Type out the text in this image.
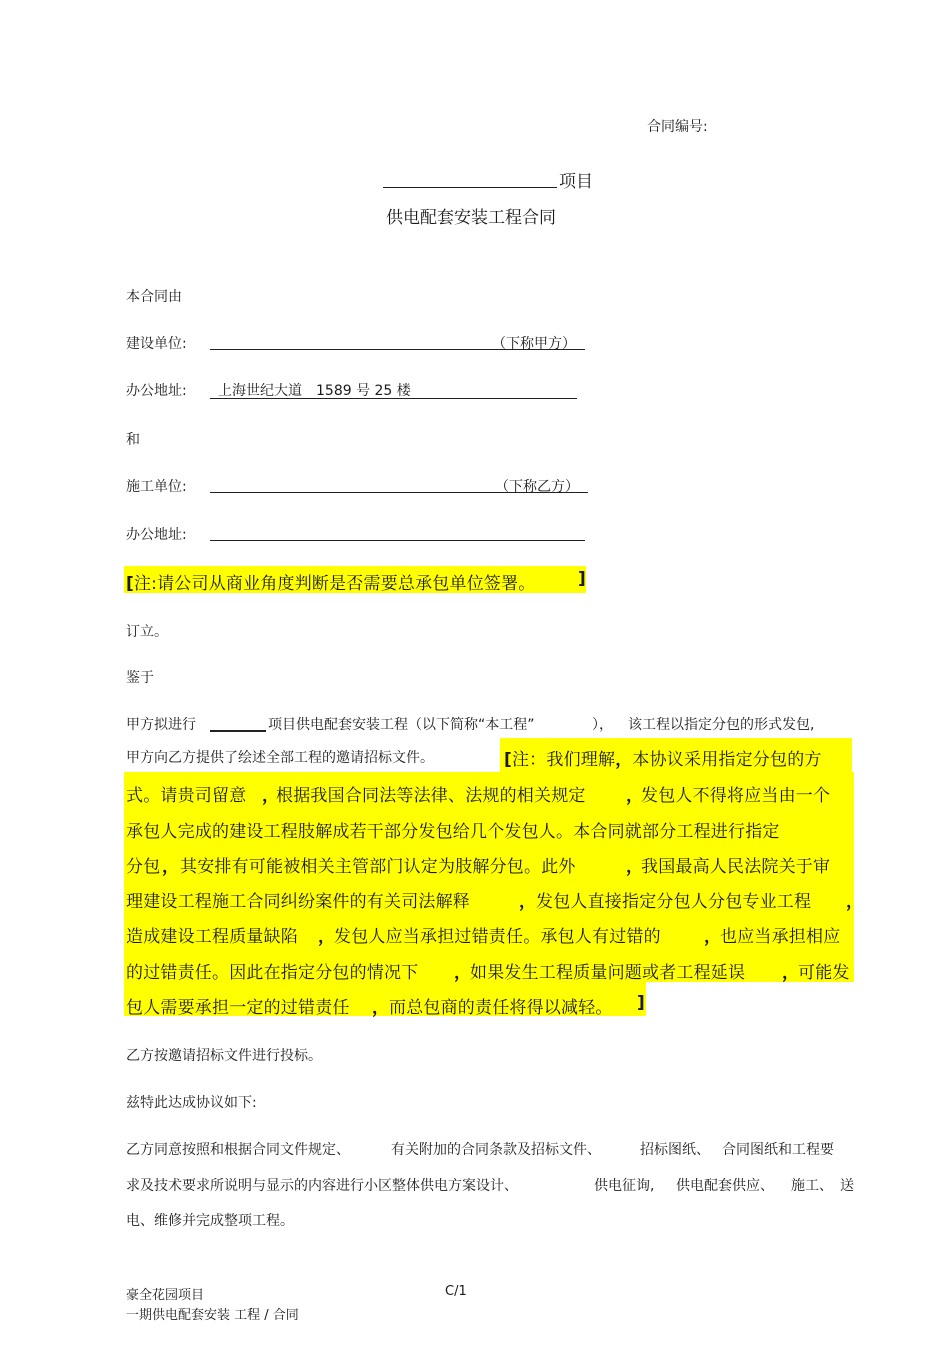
合同编号:
项目
供电配套安装工程合同
本合同由
建设单位:	（下称甲方）
办公地址: 上海世纪大道　1589 号 25 楼
和
施工单位:	（下称乙方）
办公地址:
[注:请公司从商业角度判断是否需要总承包单位签署。 ]
订立。
鉴于
甲方拟进行	项目供电配套安装工程（以下简称“本工程”	）， 该工程以指定分包的形式发包,
甲方向乙方提供了绘述全部工程的邀请招标文件。	[注：我们理解，本协议采用指定分包的方
式。请贵司留意 ，
根据我国合同法等法律、法规的相关规定 ，
发包人不得将应当由一个
承包人完成的建设工程肢解成若干部分发包给几个发包人。本合同就部分工程进行指定
分包 ， 其安排有可能被相关主管部门认定为肢解分包。此外	，
我国最高人民法院关于审
理建设工程施工合同纠纷案件的有关司法解释	， 发包人直接指定分包人分包专业工程 ，
造成建设工程质量缺陷 ，
发包人应当承担过错责任。承包人有过错的	，
也应当承担相应
的过错责任。因此在指定分包的情况下 ，
如果发生工程质量问题或者工程延误 ，
可能发
包人需要承担一定的过错责任 ， 而总包商的责任将得以减轻。 ]
乙方按邀请招标文件进行投标。
兹特此达成协议如下:
乙方同意按照和根据合同文件规定、	有关附加的合同条款及招标文件、	招标图纸、 合同图纸和工程要
求及技术要求所说明与显示的内容进行小区整体供电方案设计、	供电征询, 供电配套供应、 施工、 送
电、维修并完成整项工程。
豪全花园项目
一期供电配套安装 工程 / 合同
C/1
